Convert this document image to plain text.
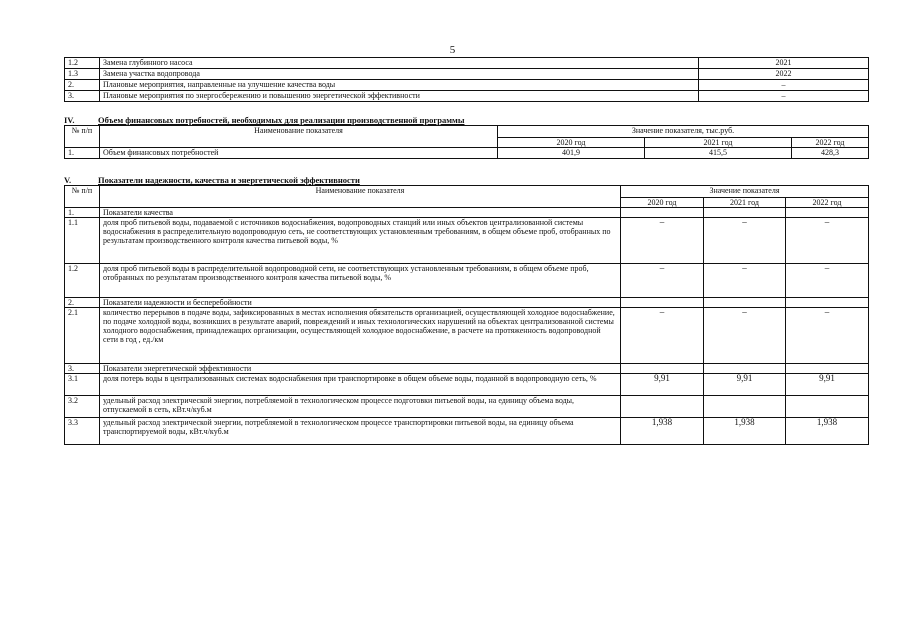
5
1.2	Замена глубинного насоса	2021
1.3	Замена участка водопровода	2022
2.	Плановые мероприятия, направленные на улучшение качества воды	–
3.	Плановые мероприятия по энергосбережению и повышению энергетической эффективности	–
IV.	Объем финансовых потребностей, необходимых для реализации производственной программы
№ п/п	Наименование показателя	Значение показателя, тыс.руб.		
		2020 год	2021 год	2022 год
1.	Объем финансовых потребностей	401,9	415,5	428,3
V.	Показатели надежности, качества и энергетической эффективности
№ п/п	Наименование показателя	Значение показателя		
		2020 год	2021 год	2022 год
1.	Показатели качества			
1.1	доля проб питьевой воды, подаваемой с источников водоснабжения, водопроводных станций или иных объектов централизованной системы водоснабжения в распределительную водопроводную сеть, не соответствующих установленным требованиям, в общем объеме проб, отобранных по результатам производственного контроля качества питьевой воды, %	–	–	–
1.2	доля проб питьевой воды в распределительной водопроводной сети, не соответствующих установленным требованиям, в общем объеме проб, отобранных по результатам производственного контроля качества питьевой воды, %	–	–	–
2.	Показатели надежности и бесперебойности			
2.1	количество перерывов в подаче воды, зафиксированных в местах исполнения обязательств организацией, осуществляющей холодное водоснабжение, по подаче холодной воды, возникших в результате аварий, повреждений и иных технологических нарушений на объектах централизованной системы холодного водоснабжения, принадлежащих организации, осуществляющей холодное водоснабжение, в расчете на протяженность водопроводной сети в год , ед./км	–	–	–
3.	Показатели энергетической эффективности			
3.1	доля потерь воды в централизованных системах водоснабжения при транспортировке в общем объеме воды, поданной в водопроводную сеть, %	9,91	9,91	9,91
3.2	удельный расход электрической энергии, потребляемой в технологическом процессе подготовки питьевой воды, на единицу объема воды, отпускаемой в сеть, кВт.ч/куб.м			
3.3	удельный расход электрической энергии, потребляемой в технологическом процессе транспортировки питьевой воды, на единицу объема транспортируемой воды, кВт.ч/куб.м	1,938	1,938	1,938
